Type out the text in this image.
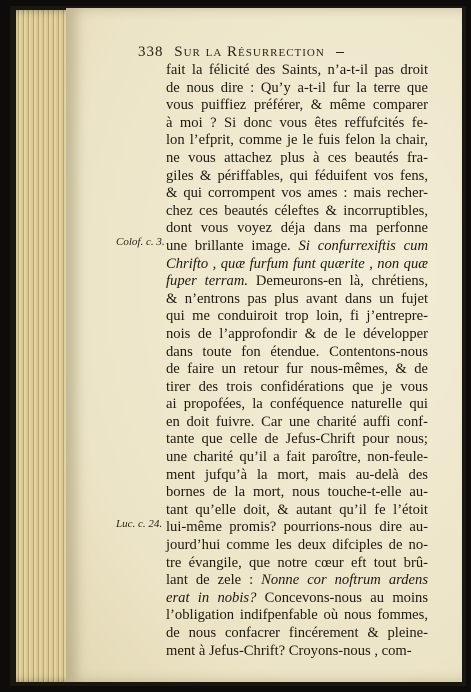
338 Sur la Résurrection
Colof. c. 3.
Luc. c. 24.
fait la félicité des Saints, n’a-t-il pas droit
de nous dire : Qu’y a-t-il fur la terre que
vous puiffiez préférer, & même comparer
à moi ? Si donc vous êtes reffufcités fe-
lon l’efprit, comme je le fuis felon la chair,
ne vous attachez plus à ces beautés fra-
giles & périffables, qui féduifent vos fens,
& qui corrompent vos ames : mais recher-
chez ces beautés céleftes & incorruptibles,
dont vous voyez déja dans ma perfonne
une brillante image. Si confurrexiftis cum
Chrifto , quæ furfum funt quærite , non quæ
fuper terram. Demeurons-en là, chrétiens,
& n’entrons pas plus avant dans un fujet
qui me conduiroit trop loin, fi j’entrepre-
nois de l’approfondir & de le développer
dans toute fon étendue. Contentons-nous
de faire un retour fur nous-mêmes, & de
tirer des trois confidérations que je vous
ai propofées, la conféquence naturelle qui
en doit fuivre. Car une charité auffi conf-
tante que celle de Jefus-Chrift pour nous;
une charité qu’il a fait paroître, non-feule-
ment jufqu’à la mort, mais au-delà des
bornes de la mort, nous touche-t-elle au-
tant qu’elle doit, & autant qu’il fe l’étoit
lui-même promis? pourrions-nous dire au-
jourd’hui comme les deux difciples de no-
tre évangile, que notre cœur eft tout brû-
lant de zele : Nonne cor noftrum ardens
erat in nobis? Concevons-nous au moins
l’obligation indifpenfable où nous fommes,
de nous confacrer fincérement & pleine-
ment à Jefus-Chrift? Croyons-nous , com-
